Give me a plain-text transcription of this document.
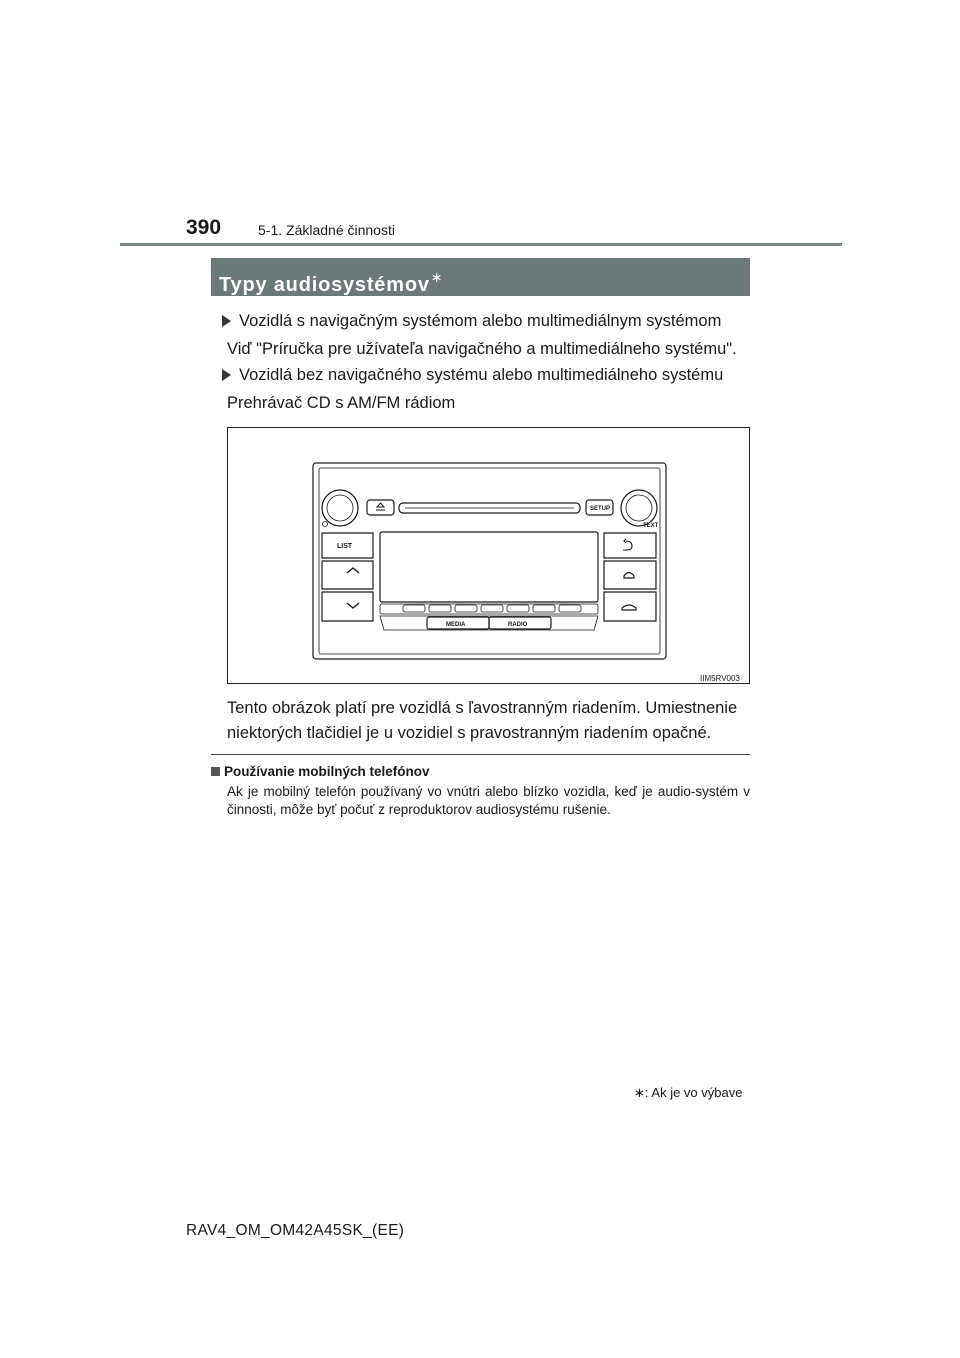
390	5-1. Základné činnosti
Typy audiosystémov∗
Vozidlá s navigačným systémom alebo multimediálnym systémom
Viď "Príručka pre užívateľa navigačného a multimediálneho systému".
Vozidlá bez navigačného systému alebo multimediálneho systému
Prehrávač CD s AM/FM rádiom
SETUP
TEXT
LIST
MEDIA	RADIO
IIM5RV003
Tento obrázok platí pre vozidlá s ľavostranným riadením. Umiestnenie niektorých tlačidiel je u vozidiel s pravostranným riadením opačné.
Používanie mobilných telefónov
Ak je mobilný telefón používaný vo vnútri alebo blízko vozidla, keď je audio-systém v činnosti, môže byť počuť z reproduktorov audiosystému rušenie.
∗: Ak je vo výbave
RAV4_OM_OM42A45SK_(EE)
